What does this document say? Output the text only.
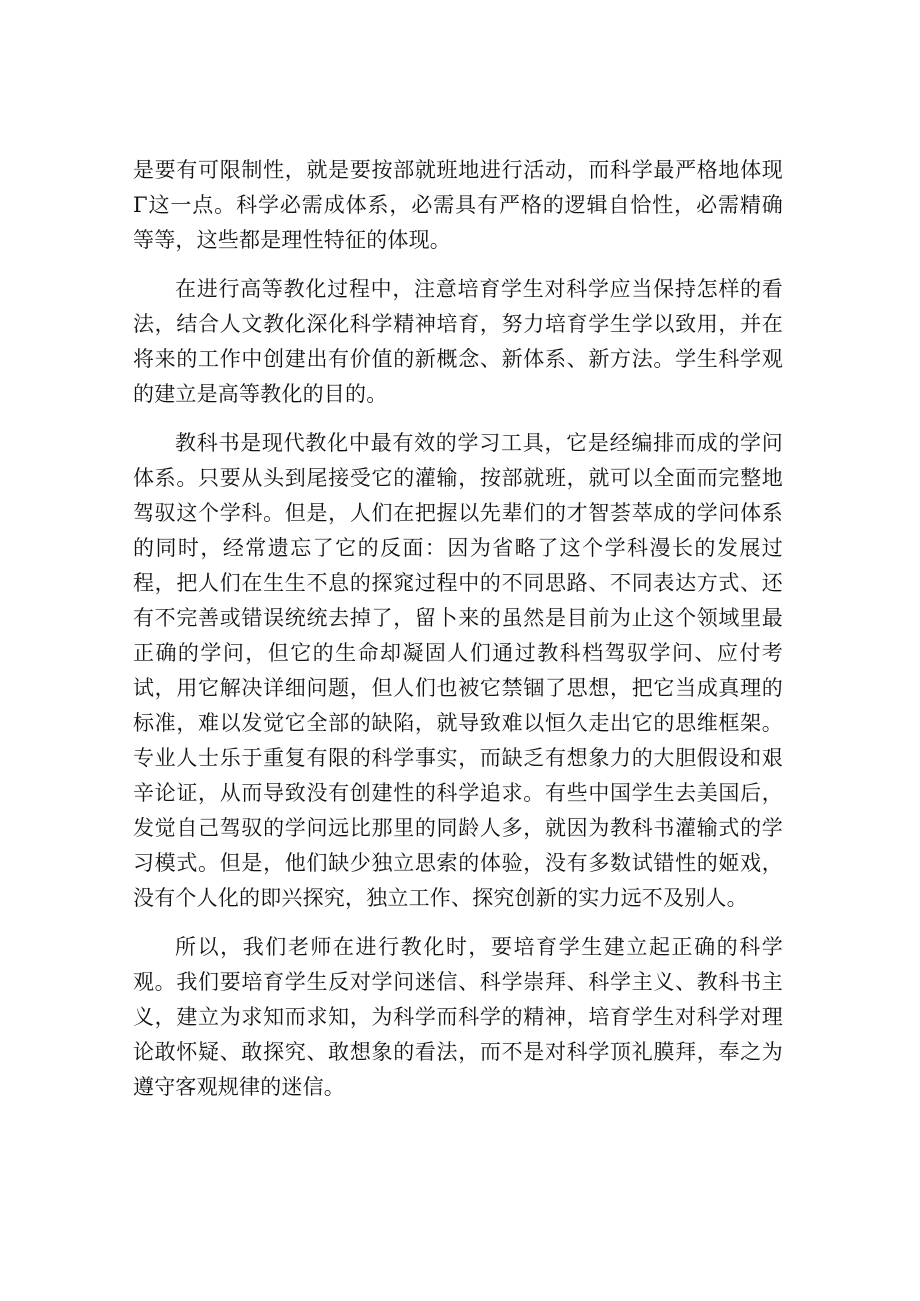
是要有可限制性，就是要按部就班地进行活动，而科学最严格地体现Γ这一点。科学必需成体系，必需具有严格的逻辑自恰性，必需精确等等，这些都是理性特征的体现。

在进行高等教化过程中，注意培育学生对科学应当保持怎样的看法，结合人文教化深化科学精神培育，努力培育学生学以致用，并在将来的工作中创建出有价值的新概念、新体系、新方法。学生科学观的建立是高等教化的目的。

教科书是现代教化中最有效的学习工具，它是经编排而成的学问体系。只要从头到尾接受它的灌输，按部就班，就可以全面而完整地驾驭这个学科。但是，人们在把握以先辈们的才智荟萃成的学问体系的同时，经常遗忘了它的反面：因为省略了这个学科漫长的发展过程，把人们在生生不息的探窕过程中的不同思路、不同表达方式、还有不完善或错误统统去掉了，留卜来的虽然是目前为止这个领域里最正确的学问，但它的生命却凝固人们通过教科档驾驭学问、应付考试，用它解决详细问题，但人们也被它禁锢了思想，把它当成真理的标准，难以发觉它全部的缺陷，就导致难以恒久走出它的思维框架。专业人士乐于重复有限的科学事实，而缺乏有想象力的大胆假设和艰辛论证，从而导致没有创建性的科学追求。有些中国学生去美国后，发觉自己驾驭的学问远比那里的同龄人多，就因为教科书灌输式的学习模式。但是，他们缺少独立思索的体验，没有多数试错性的姬戏，没有个人化的即兴探究，独立工作、探究创新的实力远不及别人。

所以，我们老师在进行教化时，要培育学生建立起正确的科学观。我们要培育学生反对学问迷信、科学崇拜、科学主义、教科书主义，建立为求知而求知，为科学而科学的精神，培育学生对科学对理论敢怀疑、敢探究、敢想象的看法，而不是对科学顶礼膜拜，奉之为遵守客观规律的迷信。
